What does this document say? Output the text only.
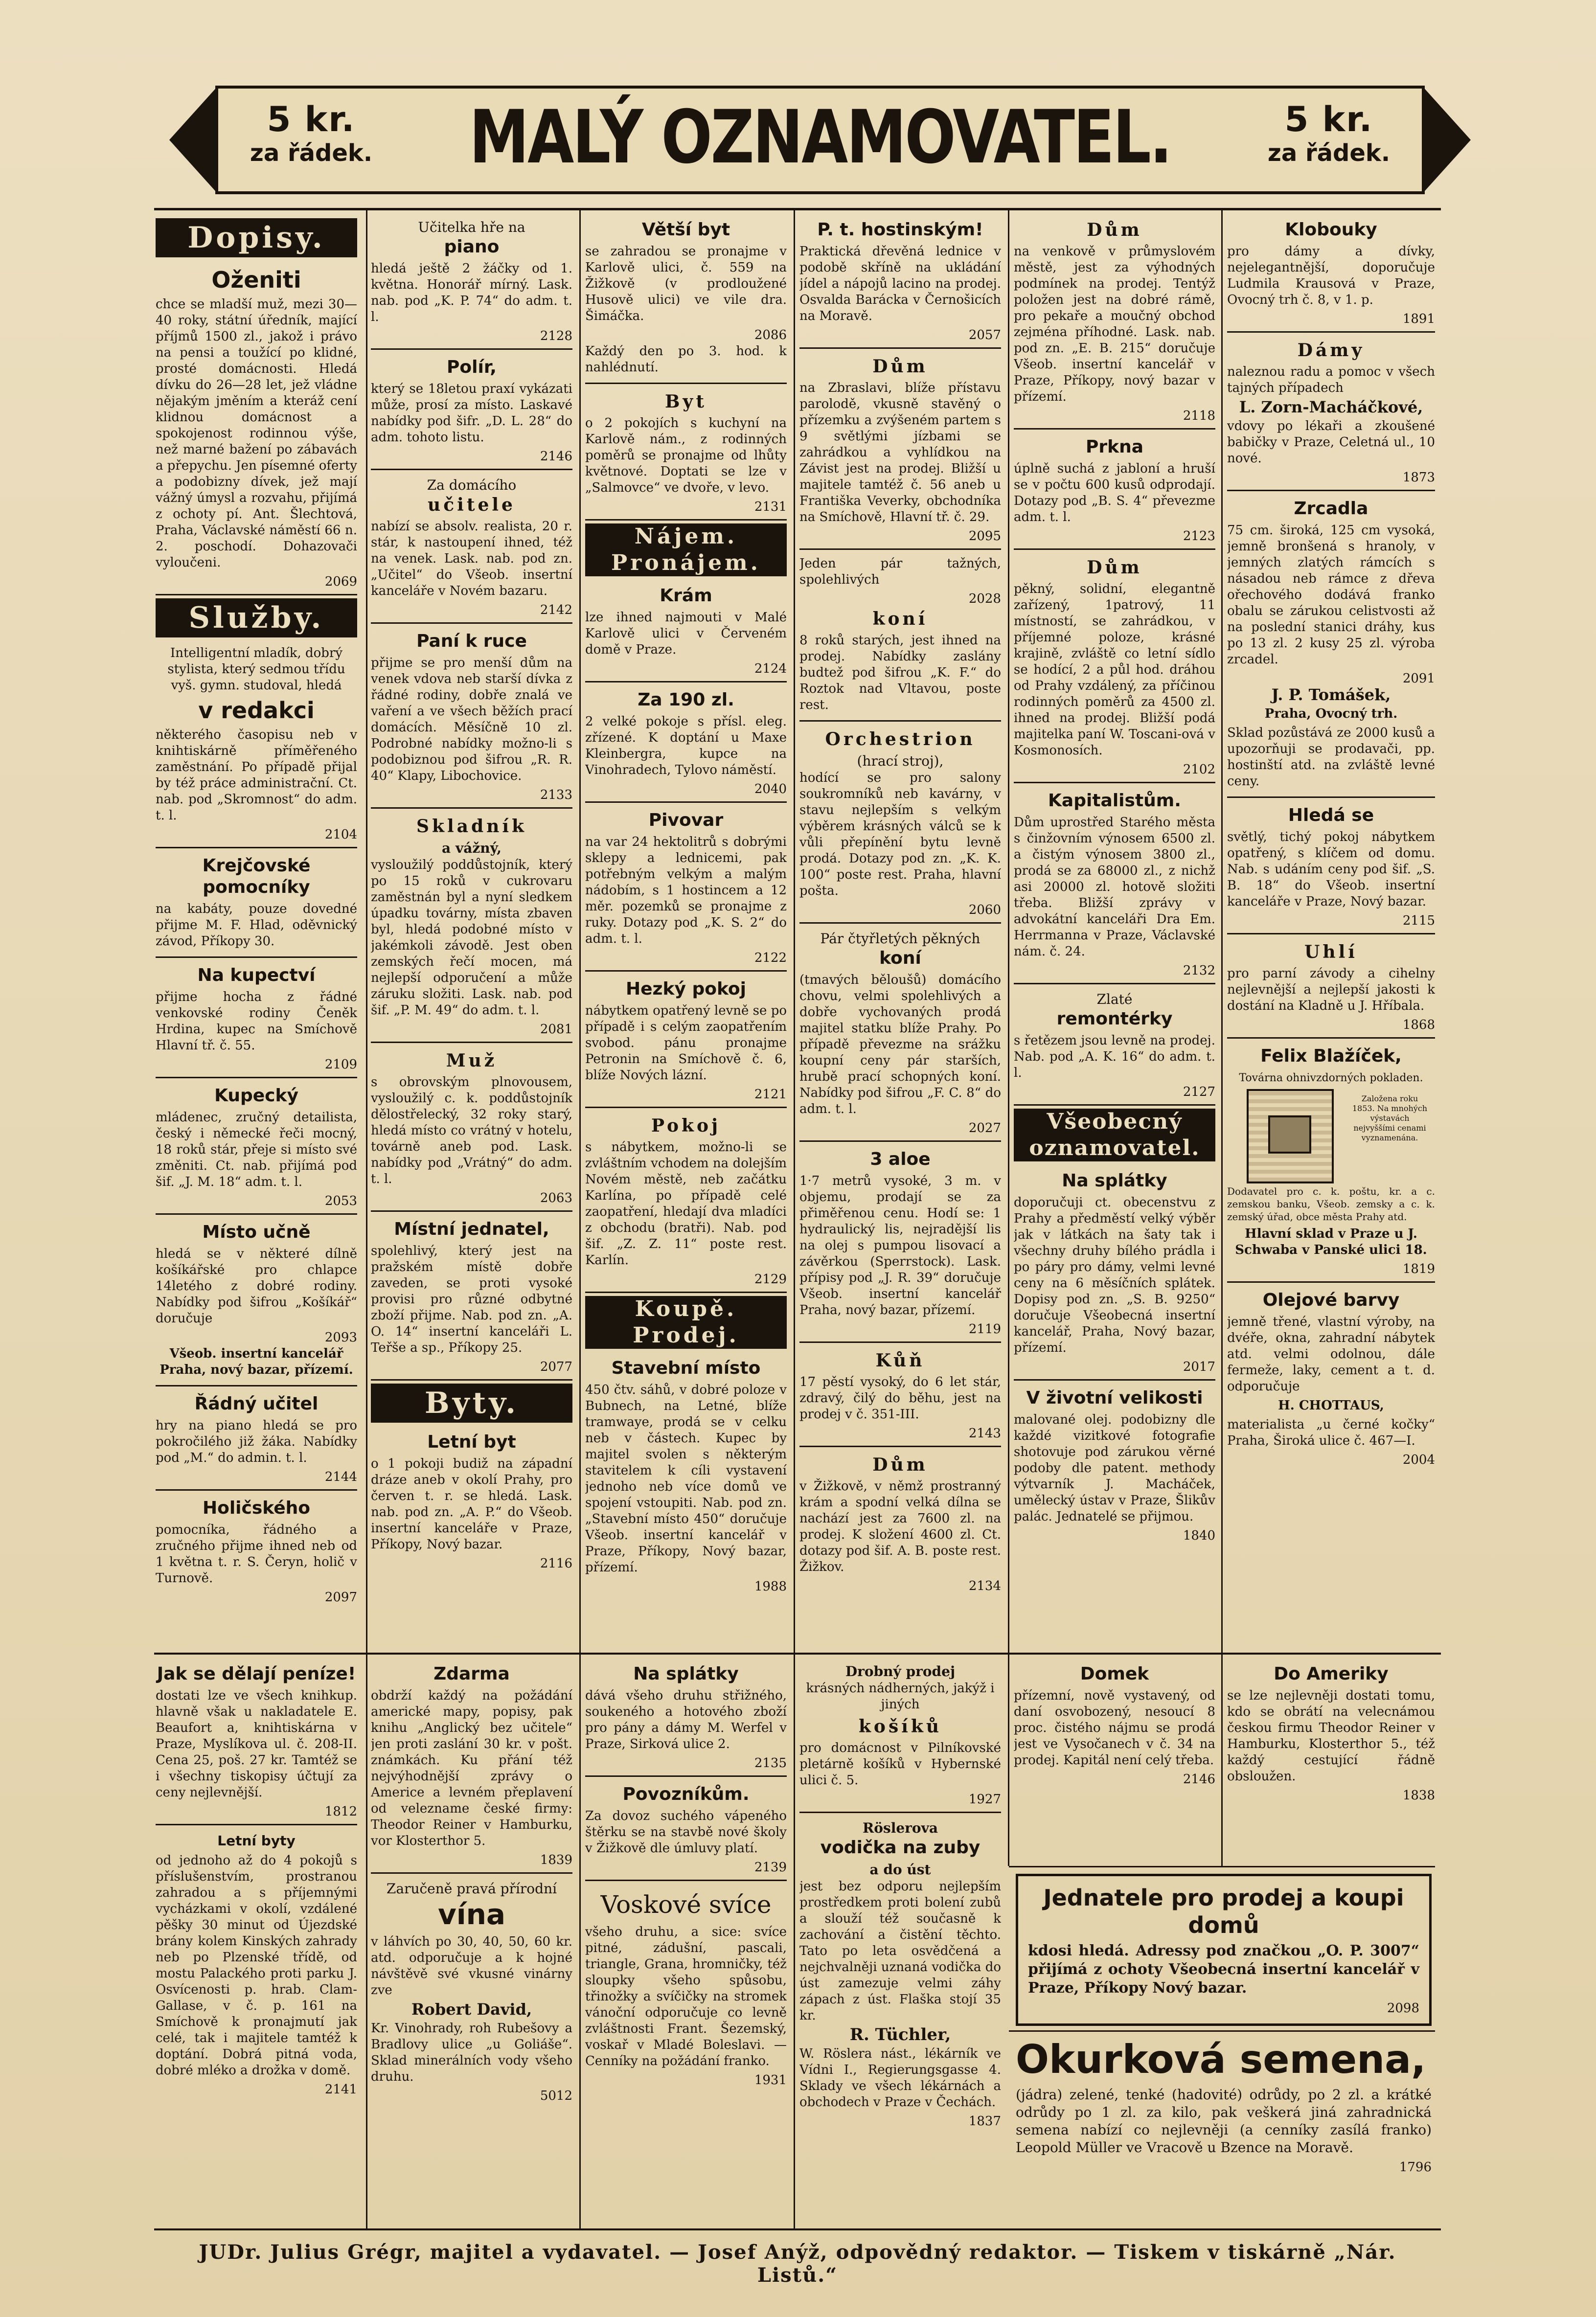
5 kr.
za řádek. MALÝ OZNAMOVATEL.	5 kr.
za řádek.
Dopisy.
Oženiti

chce se mladší muž, mezi 30—40 roky, státní úředník, mající příjmů 1500 zl., jakož i právo na pensi a toužící po klidné, prosté domácnosti. Hledá dívku do 26—28 let, jež vládne nějakým jměním a kteráž cení klidnou domácnost a spokojenost rodinnou výše, než marné bažení po zábavách a přepychu. Jen písemné oferty a podobizny dívek, jež mají vážný úmysl a rozvahu, přijímá z ochoty pí. Ant. Šlechtová, Praha, Václavské náměstí 66 n. 2. poschodí. Dohazovači vyloučeni.

2069
Služby.

Intelligentní mladík, dobrý stylista, který sedmou třídu vyš. gymn. studoval, hledá

v redakci

některého časopisu neb v knihtiskárně příměřeného zaměstnání. Po případě přijal by též práce administrační. Ct. nab. pod „Skromnost“ do adm. t. l.

2104
Krejčovské pomocníky

na kabáty, pouze dovedné přijme M. F. Hlad, oděvnický závod, Příkopy 30.

Na kupectví

přijme hocha z řádné venkovské rodiny Čeněk Hrdina, kupec na Smíchově Hlavní tř. č. 55.

2109
Kupecký

mládenec, zručný detailista, český i německé řeči mocný, 18 roků stár, přeje si místo své změniti. Ct. nab. přijímá pod šif. „J. M. 18“ adm. t. l.

2053
Místo učně

hledá se v některé dílně košíkářské pro chlapce 14letého z dobré rodiny. Nabídky pod šifrou „Košíkář“ doručuje

2093

Všeob. insertní kancelář Praha, nový bazar, přízemí.

Řádný učitel

hry na piano hledá se pro pokročilého již žáka. Nabídky pod „M.“ do admin. t. l.

2144
Holičského

pomocníka, řádného a zručného přijme ihned neb od 1 května t. r. S. Čeryn, holič v Turnově.

2097
Učitelka hře na
piano

hledá ještě 2 žáčky od 1. května. Honorář mírný. Lask. nab. pod „K. P. 74“ do adm. t. l.

2128
Polír,

který se 18letou praxí vykázati může, prosí za místo. Laskavé nabídky pod šifr. „D. L. 28“ do adm. tohoto listu.

2146
Za domácího
učitele

nabízí se absolv. realista, 20 r. stár, k nastoupení ihned, též na venek. Lask. nab. pod zn. „Učitel“ do Všeob. insertní kanceláře v Novém bazaru.

2142
Paní k ruce

přijme se pro menší dům na venek vdova neb starší dívka z řádné rodiny, dobře znalá ve vaření a ve všech běžích prací domácích. Měsíčně 10 zl. Podrobné nabídky možno-li s podobiznou pod šifrou „R. R. 40“ Klapy, Libochovice.

2133
Skladník
a vážný,

vysloužilý poddůstojník, který po 15 roků v cukrovaru zaměstnán byl a nyní sledkem úpadku továrny, místa zbaven byl, hledá podobné místo v jakémkoli závodě. Jest oben zemských řečí mocen, má nejlepší odporučení a může záruku složiti. Lask. nab. pod šif. „P. M. 49“ do adm. t. l.

2081
Muž

s obrovským plnovousem, vysloužilý c. k. poddůstojník dělostřelecký, 32 roky starý, hledá místo co vrátný v hotelu, továrně aneb pod. Lask. nabídky pod „Vrátný“ do adm. t. l.

2063
Místní jednatel,

spolehlivý, který jest na pražském místě dobře zaveden, se proti vysoké provisi pro různé odbytné zboží přijme. Nab. pod zn. „A. O. 14“ insertní kanceláři L. Teřše a sp., Příkopy 25.

2077
Byty.
Letní byt

o 1 pokoji budiž na západní dráze aneb v okolí Prahy, pro červen t. r. se hledá. Lask. nab. pod zn. „A. P.“ do Všeob. insertní kanceláře v Praze, Příkopy, Nový bazar.

2116
Větší byt

se zahradou se pronajme v Karlově ulici, č. 559 na Žižkově (v prodloužené Husově ulici) ve vile dra. Šimáčka.

2086

Každý den po 3. hod. k nahlédnutí.

Byt

o 2 pokojích s kuchyní na Karlově nám., z rodinných poměrů se pronajme od lhůty květnové. Doptati se lze v „Salmovce“ ve dvoře, v levo.

2131
Nájem. Pronájem.
Krám

lze ihned najmouti v Malé Karlově ulici v Červeném domě v Praze.

2124
Za 190 zl.

2 velké pokoje s přísl. eleg. zřízené. K doptání u Maxe Kleinbergra, kupce na Vinohradech, Tylovo náměstí.

2040
Pivovar

na var 24 hektolitrů s dobrými sklepy a lednicemi, pak potřebným velkým a malým nádobím, s 1 hostincem a 12 měr. pozemků se pronajme z ruky. Dotazy pod „K. S. 2“ do adm. t. l.

2122
Hezký pokoj

nábytkem opatřený levně se po případě i s celým zaopatřením svobod. pánu pronajme Petronin na Smíchově č. 6, blíže Nových lázní.

2121
Pokoj

s nábytkem, možno-li se zvláštním vchodem na dolejším Novém městě, neb začátku Karlína, po případě celé zaopatření, hledají dva mladíci z obchodu (bratři). Nab. pod šif. „Z. Z. 11“ poste rest. Karlín.

2129
Koupě. Prodej.
Stavební místo

450 čtv. sáhů, v dobré poloze v Bubnech, na Letné, blíže tramwaye, prodá se v celku neb v částech. Kupec by majitel svolen s některým stavitelem k cíli vystavení jednoho neb více domů ve spojení vstoupiti. Nab. pod zn. „Stavební místo 450“ doručuje Všeob. insertní kancelář v Praze, Příkopy, Nový bazar, přízemí.

1988
P. t. hostinským!

Praktická dřevěná lednice v podobě skříně na ukládání jídel a nápojů lacino na prodej. Osvalda Barácka v Černošicích na Moravě.

2057
Dům

na Zbraslavi, blíže přístavu parolodě, vkusně stavěný o přízemku a zvýšeném partem s 9 světlými jízbami se zahrádkou a vyhlídkou na Závist jest na prodej. Bližší u majitele tamtéž č. 56 aneb u Františka Veverky, obchodníka na Smíchově, Hlavní tř. č. 29.

2095

Jeden pár tažných, spolehlivých

2028
koní

8 roků starých, jest ihned na prodej. Nabídky zaslány budtež pod šifrou „K. F.“ do Roztok nad Vltavou, poste rest.

Orchestrion
(hrací stroj),

hodící se pro salony soukromníků neb kavárny, v stavu nejlepším s velkým výběrem krásných válců se k vůli přepínění bytu levně prodá. Dotazy pod zn. „K. K. 100“ poste rest. Praha, hlavní pošta.

2060
Pár čtyřletých pěkných
koní

(tmavých běloušů) domácího chovu, velmi spolehlivých a dobře vychovaných prodá majitel statku blíže Prahy. Po případě převezme na srážku koupní ceny pár starších, hrubě prací schopných koní. Nabídky pod šifrou „F. C. 8“ do adm. t. l.

2027
3 aloe

1·7 metrů vysoké, 3 m. v objemu, prodají se za přiměřenou cenu. Hodí se: 1 hydraulický lis, nejradější lis na olej s pumpou lisovací a závěrkou (Sperrstock). Lask. přípisy pod „J. R. 39“ doručuje Všeob. insertní kancelář Praha, nový bazar, přízemí.

2119
Kůň

17 pěstí vysoký, do 6 let stár, zdravý, čilý do běhu, jest na prodej v č. 351-III.

2143
Dům

v Žižkově, v němž prostranný krám a spodní velká dílna se nachází jest za 7600 zl. na prodej. K složení 4600 zl. Ct. dotazy pod šif. A. B. poste rest. Žižkov.

2134
Dům

na venkově v průmyslovém městě, jest za výhodných podmínek na prodej. Tentýž položen jest na dobré rámě, pro pekaře a moučný obchod zejména příhodné. Lask. nab. pod zn. „E. B. 215“ doručuje Všeob. insertní kancelář v Praze, Příkopy, nový bazar v přízemí.

2118
Prkna

úplně suchá z jabloní a hruší se v počtu 600 kusů odprodají. Dotazy pod „B. S. 4“ převezme adm. t. l.

2123
Dům

pěkný, solidní, elegantně zařízený, 1patrový, 11 místností, se zahrádkou, v příjemné poloze, krásné krajině, zvláště co letní sídlo se hodící, 2 a půl hod. dráhou od Prahy vzdálený, za příčinou rodinných poměrů za 4500 zl. ihned na prodej. Bližší podá majitelka paní W. Toscani-ová v Kosmonosích.

2102
Kapitalistům.

Dům uprostřed Starého města s činžovním výnosem 6500 zl. a čistým výnosem 3800 zl., prodá se za 68000 zl., z nichž asi 20000 zl. hotově složiti třeba. Bližší zprávy v advokátní kanceláři Dra Em. Herrmanna v Praze, Václavské nám. č. 24.

2132
Zlaté
remontérky

s řetězem jsou levně na prodej. Nab. pod „A. K. 16“ do adm. t. l.

2127
Všeobecný oznamovatel.
Na splátky

doporučuji ct. obecenstvu z Prahy a předměstí velký výběr jak v látkách na šaty tak i všechny druhy bílého prádla i po páry pro dámy, velmi levné ceny na 6 měsíčních splátek. Dopisy pod zn. „S. B. 9250“ doručuje Všeobecná insertní kancelář, Praha, Nový bazar, přízemí.

2017
V životní velikosti

malované olej. podobizny dle každé vizitkové fotografie shotovuje pod zárukou věrné podoby dle patent. methody výtvarník J. Macháček, umělecký ústav v Praze, Šlikův palác. Jednatelé se přijmou.

1840
Klobouky

pro dámy a dívky, nejelegantnější, doporučuje Ludmila Krausová v Praze, Ovocný trh č. 8, v 1. p.

1891
Dámy

naleznou radu a pomoc v všech tajných případech

L. Zorn-Macháčkové,

vdovy po lékaři a zkoušené babičky v Praze, Celetná ul., 10 nové.

1873
Zrcadla

75 cm. široká, 125 cm vysoká, jemně bronšená s hranoly, v jemných zlatých rámcích s násadou neb rámce z dřeva ořechového dodává franko obalu se zárukou celistvosti až na poslední stanici dráhy, kus po 13 zl. 2 kusy 25 zl. výroba zrcadel.

2091

J. P. Tomášek,

Praha, Ovocný trh.

Sklad pozůstává ze 2000 kusů a upozorňuji se prodavači, pp. hostinští atd. na zvláště levné ceny.

Hledá se

světlý, tichý pokoj nábytkem opatřený, s klíčem od domu. Nab. s udáním ceny pod šif. „S. B. 18“ do Všeob. insertní kanceláře v Praze, Nový bazar.

2115
Uhlí

pro parní závody a cihelny nejlevnější a nejlepší jakosti k dostání na Kladně u J. Hříbala.

1868
Felix Blažíček,
Továrna ohnivzdorných pokladen.
Založena roku 1853. Na mnohých výstavách nejvyššími cenami vyznamenána.

Dodavatel pro c. k. poštu, kr. a c. zemskou banku, Všeob. zemsky a c. k. zemský úřad, obce města Prahy atd.

Hlavní sklad v Praze u J. Schwaba v Panské ulici 18.

1819
Olejové barvy

jemně třené, vlastní výroby, na dvéře, okna, zahradní nábytek atd. velmi odolnou, dále fermeže, laky, cement a t. d. odporučuje

H. CHOTTAUS,

materialista „u černé kočky“ Praha, Široká ulice č. 467—I.

2004
Jak se dělají peníze!

dostati lze ve všech knihkup. hlavně však u nakladatele E. Beaufort a, knihtiskárna v Praze, Myslíkova ul. č. 208-II. Cena 25, poš. 27 kr. Tamtéž se i všechny tiskopisy účtují za ceny nejlevnější.

1812
Letní byty

od jednoho až do 4 pokojů s příslušenstvím, prostranou zahradou a s příjemnými vycházkami v okolí, vzdálené pěšky 30 minut od Újezdské brány kolem Kinských zahrady neb po Plzenské třídě, od mostu Palackého proti parku J. Osvícenosti p. hrab. Clam-Gallase, v č. p. 161 na Smíchově k pronajmutí jak celé, tak i majitele tamtéž k doptání. Dobrá pitná voda, dobré mléko a drožka v domě.

2141
Zdarma

obdrží každý na požádání americké mapy, popisy, pak knihu „Anglický bez učitele“ jen proti zaslání 30 kr. v pošt. známkách. Ku přání též nejvýhodnější zprávy o Americe a levném přeplavení od velezname české firmy: Theodor Reiner v Hamburku, vor Klosterthor 5.

1839
Zaručeně pravá přírodní
vína

v láhvích po 30, 40, 50, 60 kr. atd. odporučuje a k hojné návštěvě své vkusné vinárny zve

Robert David,

Kr. Vinohrady, roh Rubešovy a Bradlovy ulice „u Goliáše“. Sklad minerálních vody všeho druhu.

5012
Na splátky

dává všeho druhu střižného, soukeného a hotového zboží pro pány a dámy M. Werfel v Praze, Sirková ulice 2.

2135
Povozníkům.

Za dovoz suchého vápeného štěrku se na stavbě nové školy v Žižkově dle úmluvy platí.

2139
Voskové svíce

všeho druhu, a sice: svíce pitné, zádušní, pascali, triangle, Grana, hromničky, též sloupky všeho spůsobu, třinožky a svíčičky na stromek vánoční odporučuje co levně zvláštnosti Frant. Šezemský, voskař v Mladé Boleslavi. — Cenníky na požádání franko.

1931
Drobný prodej

krásných nádherných, jakýž i jiných

košíků

pro domácnost v Pilníkovské pletárně košíků v Hybernské ulici č. 5.

1927
Röslerova
vodička na zuby
a do úst

jest bez odporu nejlepším prostředkem proti bolení zubů a slouží též současně k zachování a čistění těchto. Tato po leta osvědčená a nejchvalněji uznaná vodička do úst zamezuje velmi záhy zápach z úst. Flaška stojí 35 kr.

R. Tüchler,

W. Röslera nást., lékárník ve Vídni I., Regierungsgasse 4. Sklady ve všech lékárnách a obchodech v Praze v Čechách.

1837
Domek

přízemní, nově vystavený, od daní osvobozený, nesoucí 8 proc. čistého nájmu se prodá jest ve Vysočanech v č. 34 na prodej. Kapitál není celý třeba.

2146
Do Ameriky

se lze nejlevněji dostati tomu, kdo se obrátí na velecnámou českou firmu Theodor Reiner v Hamburku, Klosterthor 5., též každý cestující řádně obsloužen.

1838
Jednatele pro prodej a koupi domů

kdosi hledá. Adressy pod značkou „O. P. 3007“ přijímá z ochoty Všeobecná insertní kancelář v Praze, Příkopy Nový bazar.

2098
Okurková semena,

(jádra) zelené, tenké (hadovité) odrůdy, po 2 zl. a krátké odrůdy po 1 zl. za kilo, pak veškerá jiná zahradnická semena nabízí co nejlevněji (a cenníky zasílá franko) Leopold Müller ve Vracově u Bzence na Moravě.

1796
JUDr. Julius Grégr, majitel a vydavatel. — Josef Anýž, odpovědný redaktor. — Tiskem v tiskárně „Nár. Listů.“
